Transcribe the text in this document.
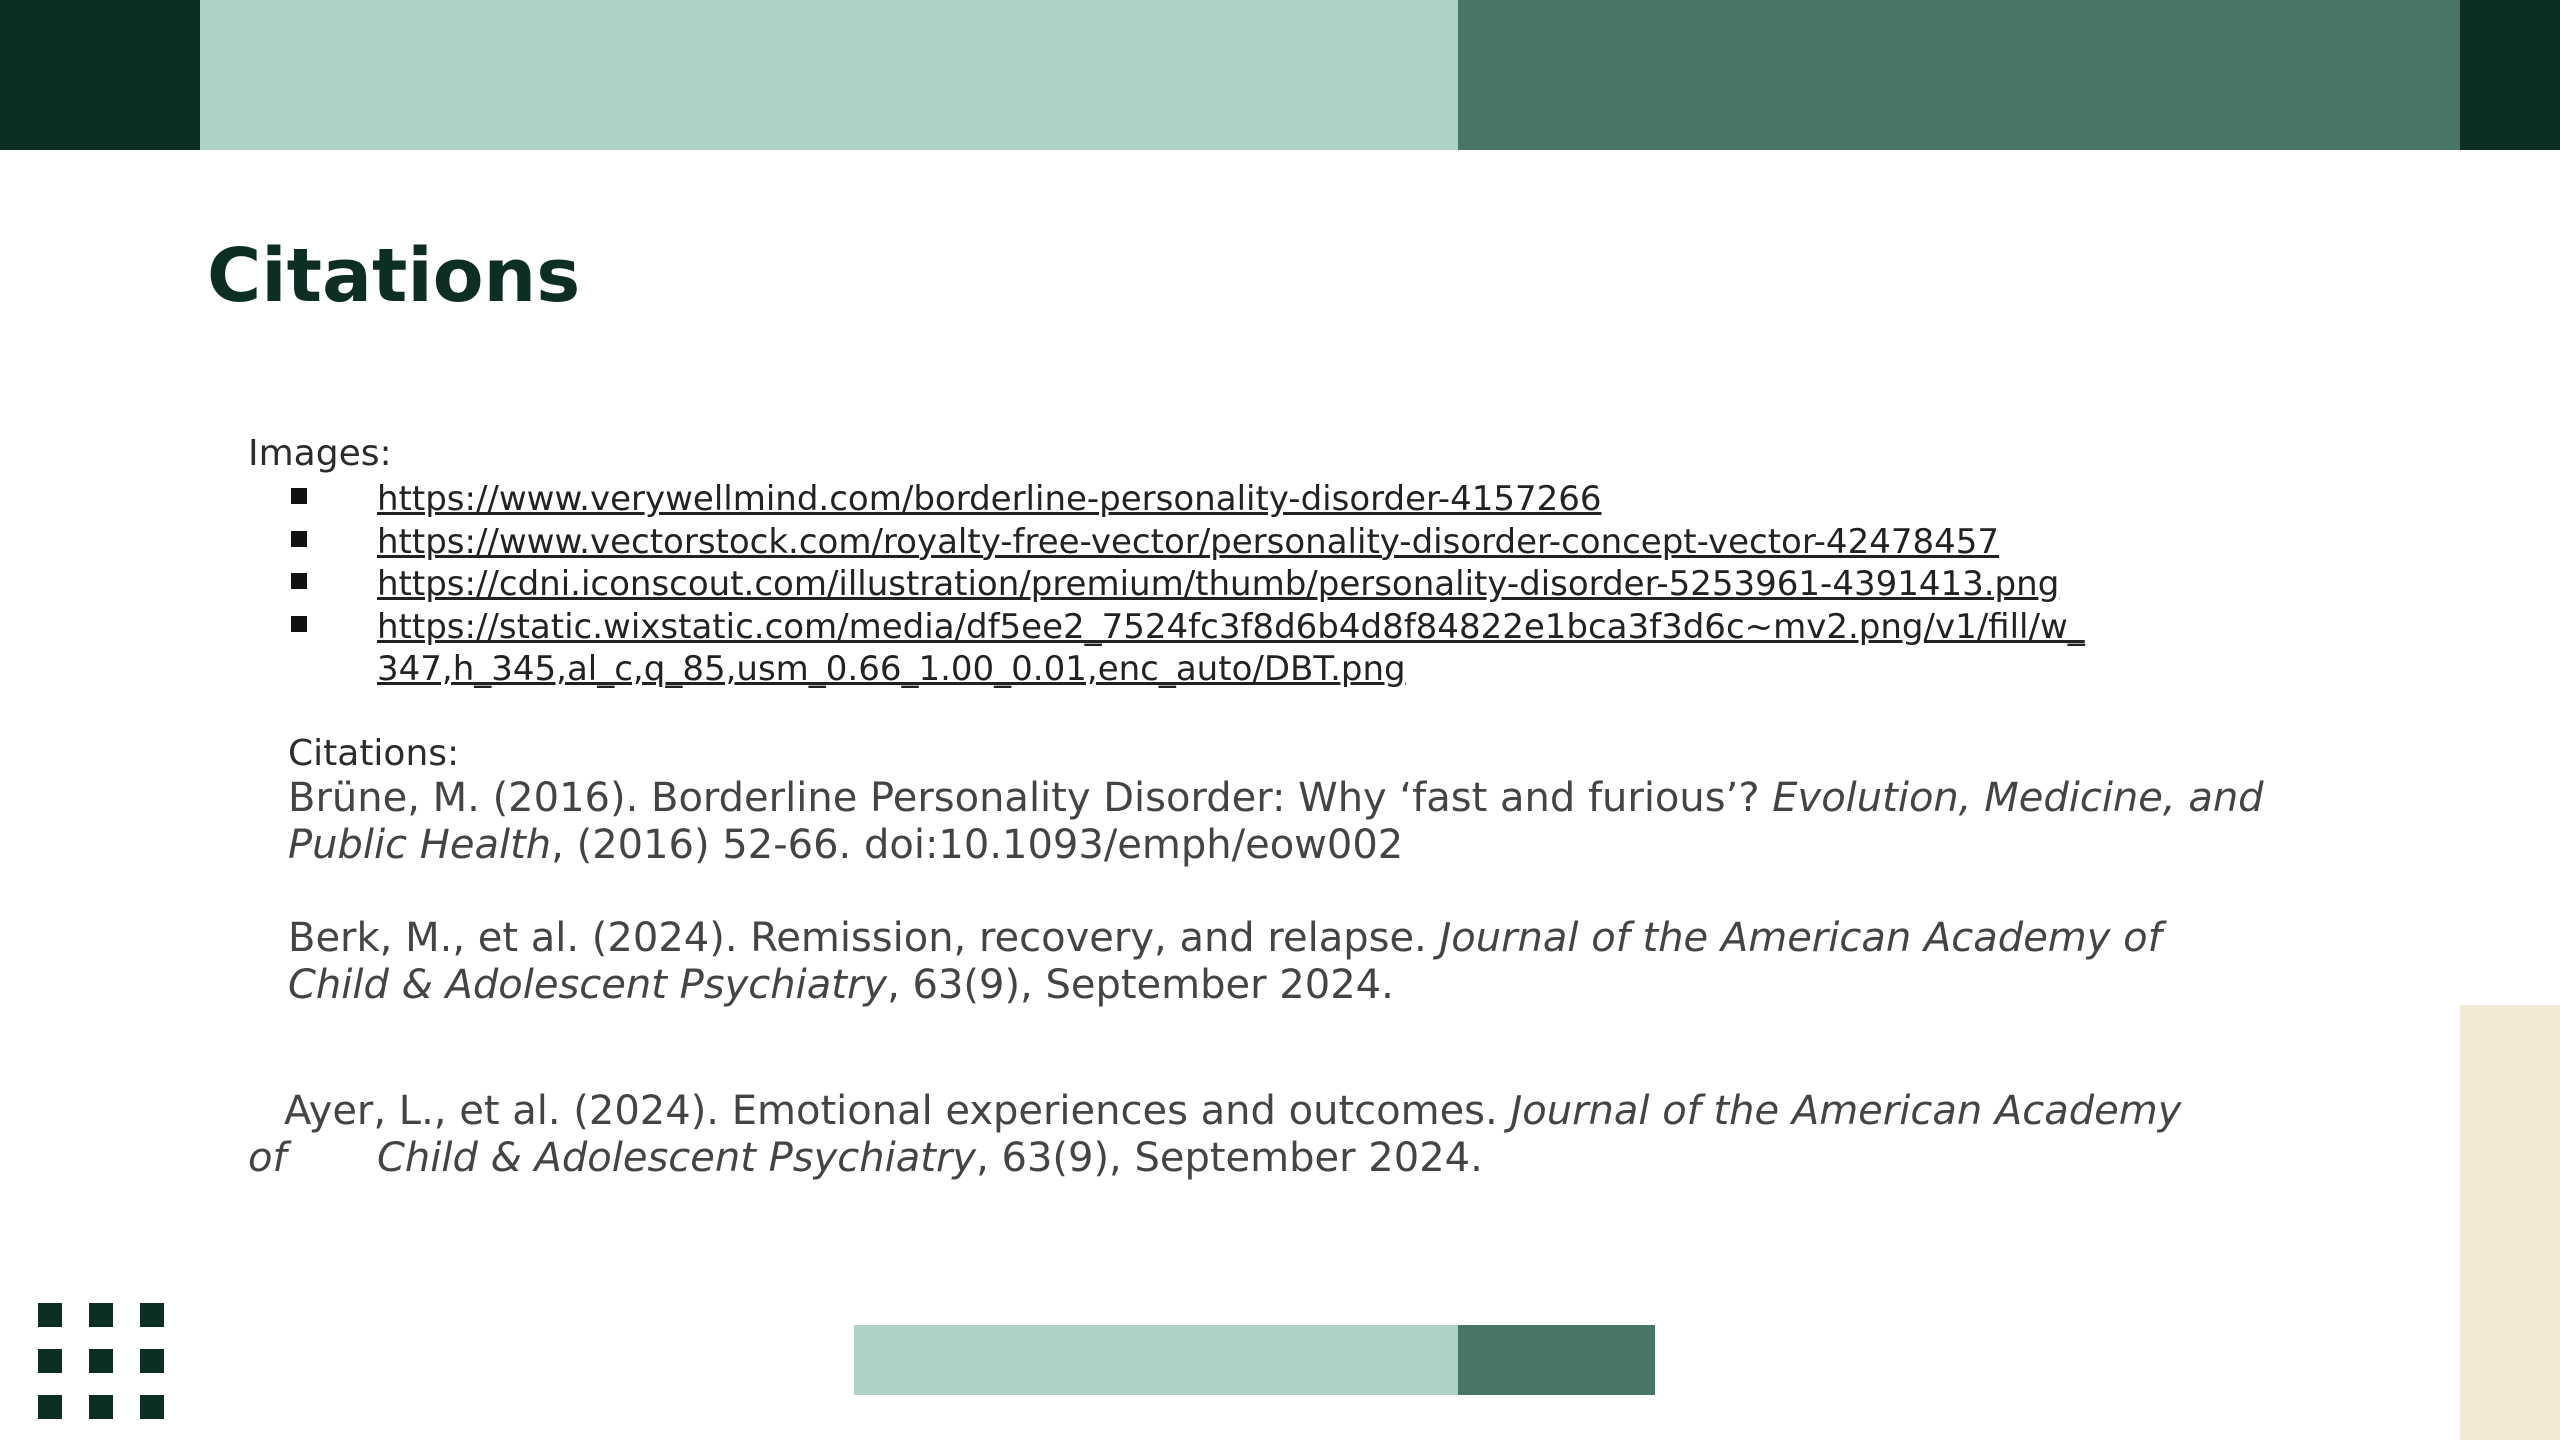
Citations

Images:

https://www.verywellmind.com/borderline-personality-disorder-4157266
https://www.vectorstock.com/royalty-free-vector/personality-disorder-concept-vector-42478457
https://cdni.iconscout.com/illustration/premium/thumb/personality-disorder-5253961-4391413.png
https://static.wixstatic.com/media/df5ee2_7524fc3f8d6b4d8f84822e1bca3f3d6c~mv2.png/v1/fill/w_
347,h_345,al_c,q_85,usm_0.66_1.00_0.01,enc_auto/DBT.png

Citations:

Brüne, M. (2016). Borderline Personality Disorder: Why ‘fast and furious’? Evolution, Medicine, and

Public Health, (2016) 52-66. doi:10.1093/emph/eow002

Berk, M., et al. (2024). Remission, recovery, and relapse. Journal of the American Academy of

Child & Adolescent Psychiatry, 63(9), September 2024.

Ayer, L., et al. (2024). Emotional experiences and outcomes. Journal of the American Academy

of Child & Adolescent Psychiatry, 63(9), September 2024.
